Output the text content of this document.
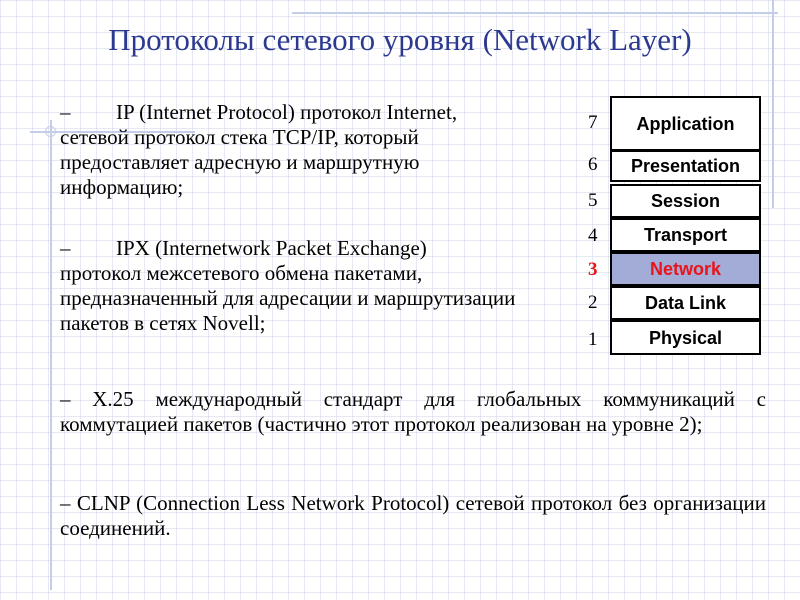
Протоколы сетевого уровня (Network Layer)
– IP (Internet Protocol) протокол Internet,
сетевой протокол стека TCP/IP, который предоставляет адресную и маршрутную информацию;
– IPX (Internetwork Packet Exchange)
протокол межсетевого обмена пакетами, предназначенный для адресации и маршрутизации пакетов в сетях Novell;
– X.25 международный стандарт для глобальных коммуникаций с коммутацией пакетов (частично этот протокол реализован на уровне 2);
– CLNP (Connection Less Network Protocol) сетевой протокол без организации соединений.
Application
7
Presentation
6
Session
5
Transport
4
Network
3
Data Link
2
Physical
1
